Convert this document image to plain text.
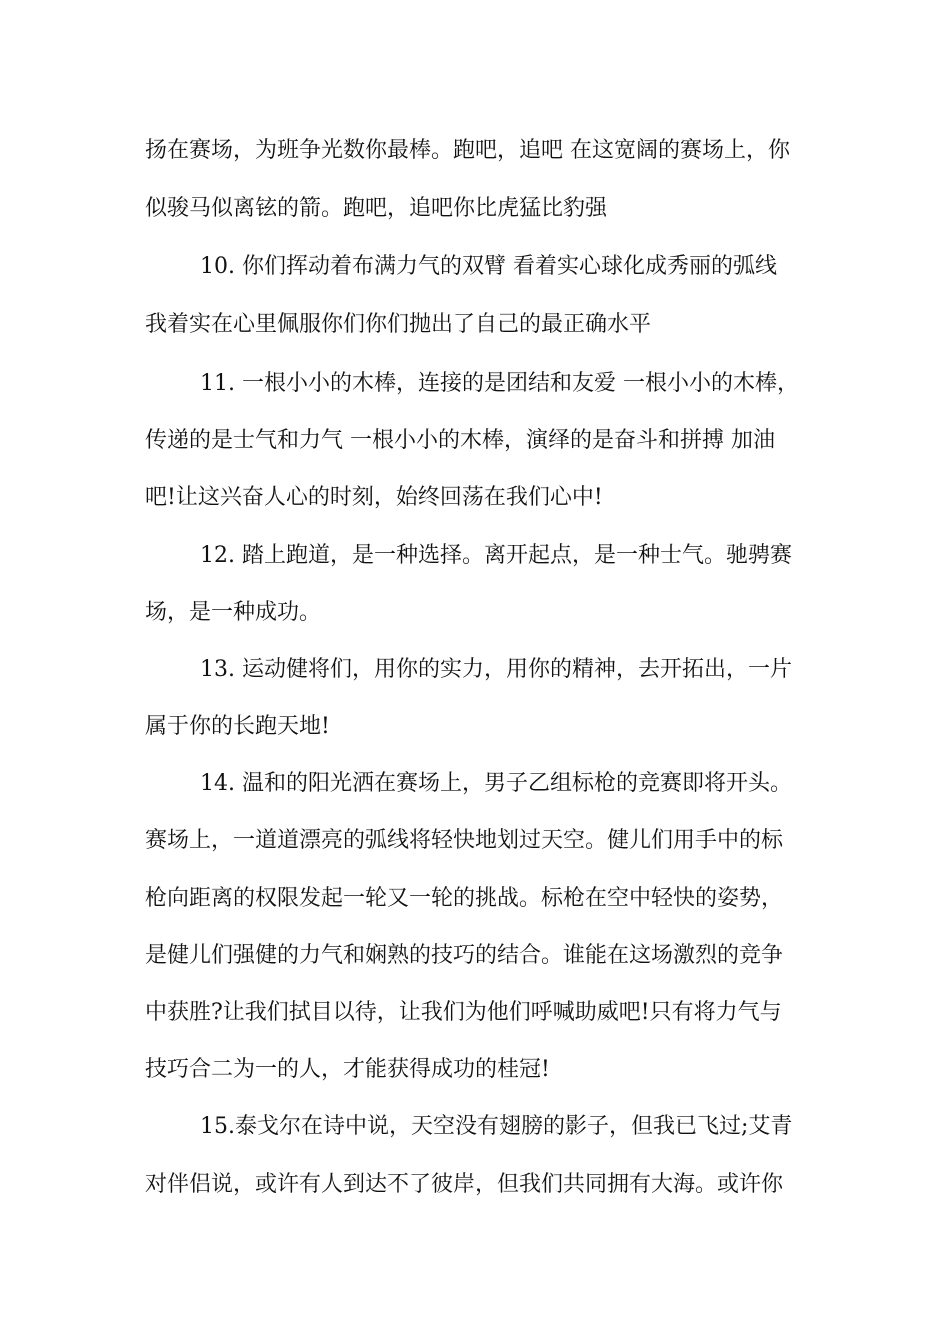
扬在赛场，为班争光数你最棒。跑吧，追吧 在这宽阔的赛场上，你
似骏马似离铉的箭。跑吧，追吧你比虎猛比豹强
10. 你们挥动着布满力气的双臂 看着实心球化成秀丽的弧线
我着实在心里佩服你们你们抛出了自己的最正确水平
11. 一根小小的木棒，连接的是团结和友爱 一根小小的木棒，
传递的是士气和力气 一根小小的木棒，演绎的是奋斗和拼搏 加油
吧!让这兴奋人心的时刻，始终回荡在我们心中!
12. 踏上跑道，是一种选择。离开起点，是一种士气。驰骋赛
场，是一种成功。
13. 运动健将们，用你的实力，用你的精神，去开拓出，一片
属于你的长跑天地!
14. 温和的阳光洒在赛场上，男子乙组标枪的竞赛即将开头。
赛场上，一道道漂亮的弧线将轻快地划过天空。健儿们用手中的标
枪向距离的权限发起一轮又一轮的挑战。标枪在空中轻快的姿势，
是健儿们强健的力气和娴熟的技巧的结合。谁能在这场激烈的竞争
中获胜?让我们拭目以待，让我们为他们呼喊助威吧!只有将力气与
技巧合二为一的人，才能获得成功的桂冠!
15.泰戈尔在诗中说，天空没有翅膀的影子，但我已飞过;艾青
对伴侣说，或许有人到达不了彼岸，但我们共同拥有大海。或许你
